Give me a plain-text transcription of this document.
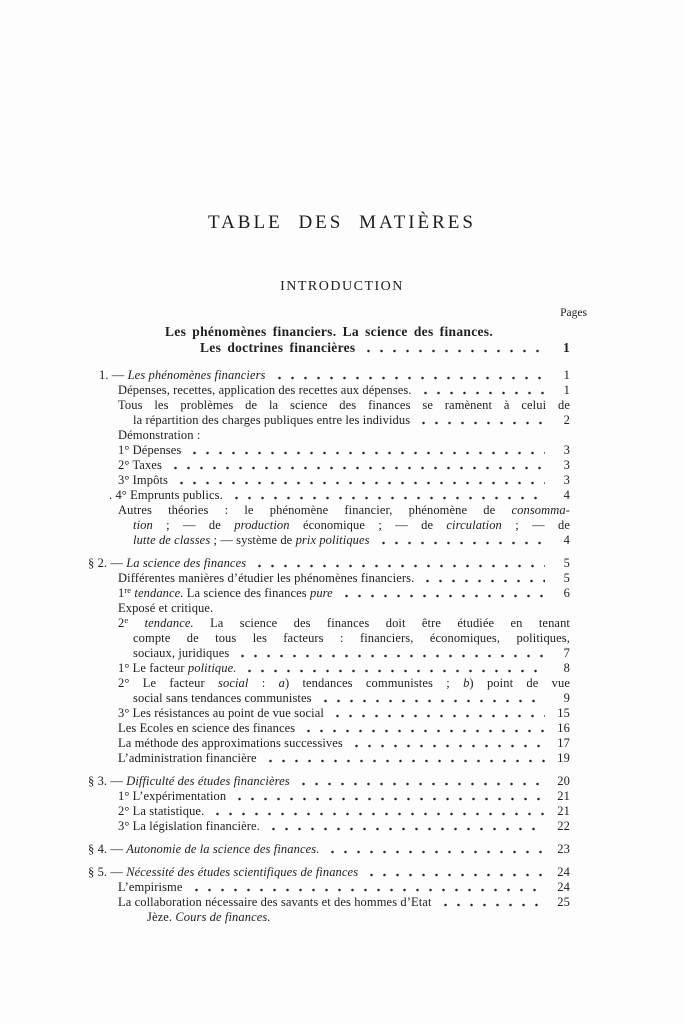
TABLE DES MATIÈRES
INTRODUCTION
Pages
Les phénomènes financiers. La science des finances.
Les doctrines financières	1
1. — Les phénomènes financiers	1
Dépenses, recettes, application des recettes aux dépenses.	1
Tous les problèmes de la science des finances se ramènent à celui de
la répartition des charges publiques entre les individus	2
Démonstration :
1° Dépenses	3
2° Taxes	3
3° Impôts	3
. 4° Emprunts publics.	4
Autres théories : le phénomène financier, phénomène de consomma-
tion ; — de production économique ; — de circulation ; — de
lutte de classes ; — système de prix politiques	4
§ 2. — La science des finances	5
Différentes manières d’étudier les phénomènes financiers.	5
1re tendance. La science des finances pure	6
Exposé et critique.
2e tendance. La science des finances doit être étudiée en tenant
compte de tous les facteurs : financiers, économiques, politiques,
sociaux, juridiques	7
1° Le facteur politique.	8
2° Le facteur social : a) tendances communistes ; b) point de vue
social sans tendances communistes	9
3° Les résistances au point de vue social	15
Les Ecoles en science des finances	16
La méthode des approximations successives	17
L’administration financière	19
§ 3. — Difficulté des études financières	20
1° L’expérimentation	21
2° La statistique.	21
3° La législation financière.	22
§ 4. — Autonomie de la science des finances.	23
§ 5. — Nécessité des études scientifiques de finances	24
L’empirisme	24
La collaboration nécessaire des savants et des hommes d’Etat	25
Jèze. Cours de finances.
